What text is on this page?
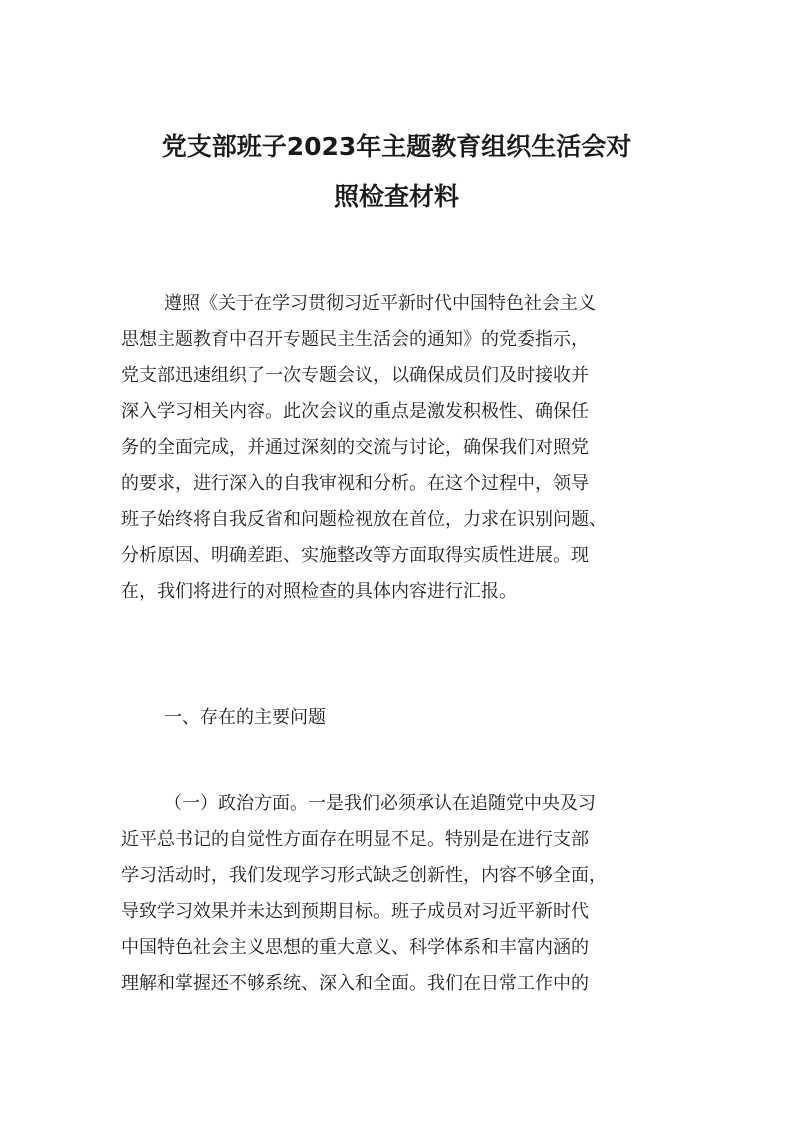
党支部班子2023年主题教育组织生活会对
照检查材料

遵照《关于在学习贯彻习近平新时代中国特色社会主义
思想主题教育中召开专题民主生活会的通知》的党委指示，
党支部迅速组织了一次专题会议，以确保成员们及时接收并
深入学习相关内容。此次会议的重点是激发积极性、确保任
务的全面完成，并通过深刻的交流与讨论，确保我们对照党
的要求，进行深入的自我审视和分析。在这个过程中，领导
班子始终将自我反省和问题检视放在首位，力求在识别问题、
分析原因、明确差距、实施整改等方面取得实质性进展。现
在，我们将进行的对照检查的具体内容进行汇报。

一、存在的主要问题

（一）政治方面。一是我们必须承认在追随党中央及习
近平总书记的自觉性方面存在明显不足。特别是在进行支部
学习活动时，我们发现学习形式缺乏创新性，内容不够全面，
导致学习效果并未达到预期目标。班子成员对习近平新时代
中国特色社会主义思想的重大意义、科学体系和丰富内涵的
理解和掌握还不够系统、深入和全面。我们在日常工作中的
